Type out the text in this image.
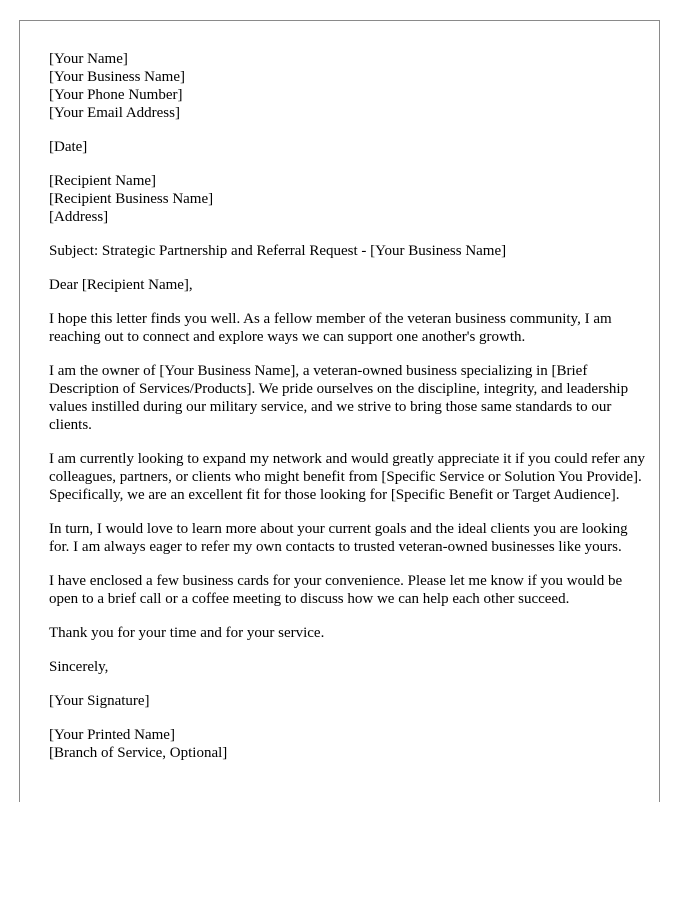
[Your Name]
[Your Business Name]
[Your Phone Number]
[Your Email Address]
[Date]
[Recipient Name]
[Recipient Business Name]
[Address]
Subject: Strategic Partnership and Referral Request - [Your Business Name]
Dear [Recipient Name],

I hope this letter finds you well. As a fellow member of the veteran business community, I am reaching out to connect and explore ways we can support one another's growth.

I am the owner of [Your Business Name], a veteran-owned business specializing in [Brief Description of Services/Products]. We pride ourselves on the discipline, integrity, and leadership values instilled during our military service, and we strive to bring those same standards to our clients.

I am currently looking to expand my network and would greatly appreciate it if you could refer any colleagues, partners, or clients who might benefit from [Specific Service or Solution You Provide]. Specifically, we are an excellent fit for those looking for [Specific Benefit or Target Audience].

In turn, I would love to learn more about your current goals and the ideal clients you are looking for. I am always eager to refer my own contacts to trusted veteran-owned businesses like yours.

I have enclosed a few business cards for your convenience. Please let me know if you would be open to a brief call or a coffee meeting to discuss how we can help each other succeed.

Thank you for your time and for your service.

Sincerely,
[Your Signature]
[Your Printed Name]
[Branch of Service, Optional]
